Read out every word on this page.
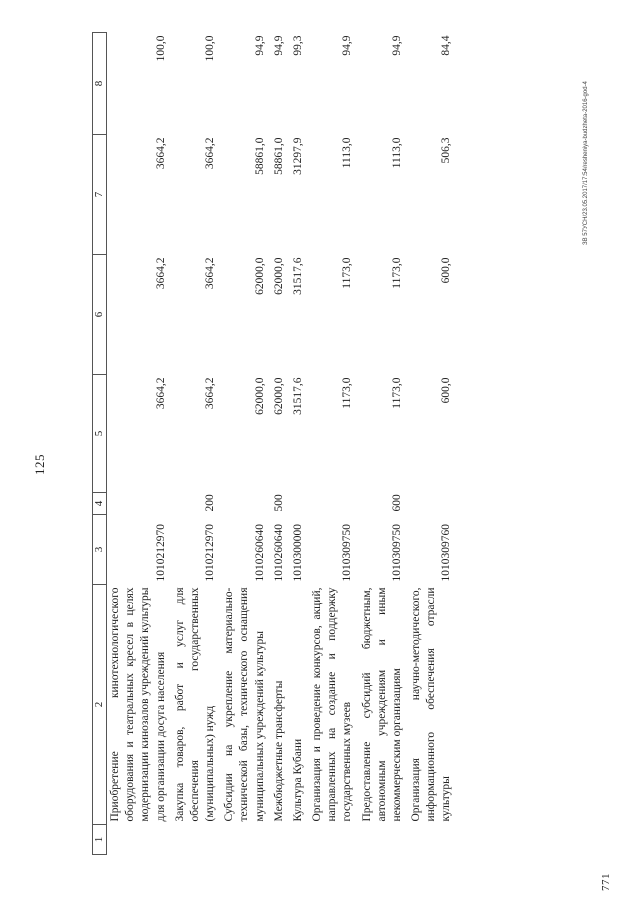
125
771
ЗВ 57УСН/23.05.2017/17:54/resheniya-budzheta-2016-god-4
1	2	3	4	5	6	7	8
	Приобретение кинотехнологического оборудования и театральных кресел в целях модернизации кинозалов учреждений культуры для организации досуга населения	1010212970		3664,2	3664,2	3664,2	100,0
	Закупка товаров, работ и услуг для обеспечения государственных (муниципальных) нужд	1010212970	200	3664,2	3664,2	3664,2	100,0
	Субсидии на укрепление материально-технической базы, технического оснащения муниципальных учреждений культуры	1010260640		62000,0	62000,0	58861,0	94,9
	Межбюджетные трансферты	1010260640	500	62000,0	62000,0	58861,0	94,9
	Культура Кубани	1010300000		31517,6	31517,6	31297,9	99,3
	Организация и проведение конкурсов, акций, направленных на создание и поддержку государственных музеев	1010309750		1173,0	1173,0	1113,0	94,9
	Предоставление субсидий бюджетным, автономным учреждениям и иным некоммерческим организациям	1010309750	600	1173,0	1173,0	1113,0	94,9
	Организация научно-методического, информационного обеспечения отрасли культуры	1010309760		600,0	600,0	506,3	84,4
